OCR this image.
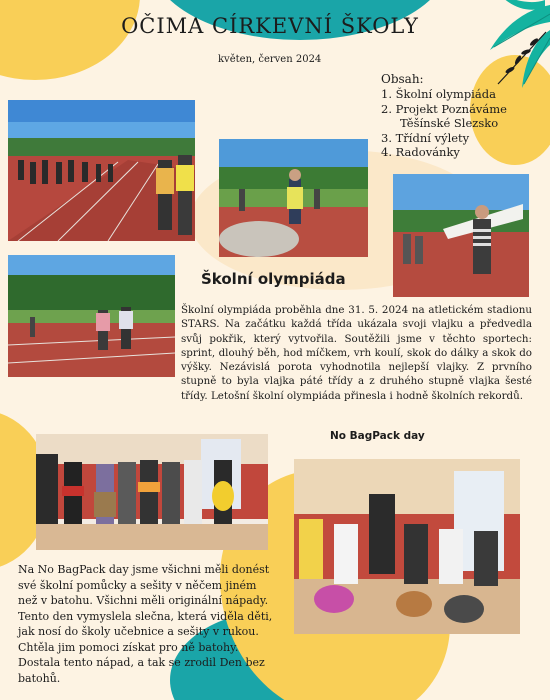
OČIMA CÍRKEVNÍ ŠKOLY
květen, červen 2024
Obsah:
1. Školní olympiáda
2. Projekt Poznáváme
Těšínské Slezsko
3. Třídní výlety
4. Radovánky
Školní olympiáda

Školní olympiáda proběhla dne 31. 5. 2024 na atletickém stadionu STARS. Na začátku každá třída ukázala svoji vlajku a předvedla svůj pokřik, který vytvořila. Soutěžili jsme v těchto sportech: sprint, dlouhý běh, hod míčkem, vrh koulí, skok do dálky a skok do výšky. Nezávislá porota vyhodnotila nejlepší vlajky. Z prvního stupně to byla vlajka páté třídy a z druhého stupně vlajka šesté třídy. Letošní školní olympiáda přinesla i hodně školních rekordů.

No BagPack day

Na No BagPack day jsme všichni měli donést své školní pomůcky a sešity v něčem jiném než v batohu. Všichni měli originální nápady. Tento den vymyslela slečna, která viděla děti, jak nosí do školy učebnice a sešity v rukou. Chtěla jim pomoci získat pro ně batohy. Dostala tento nápad, a tak se zrodil Den bez batohů.
